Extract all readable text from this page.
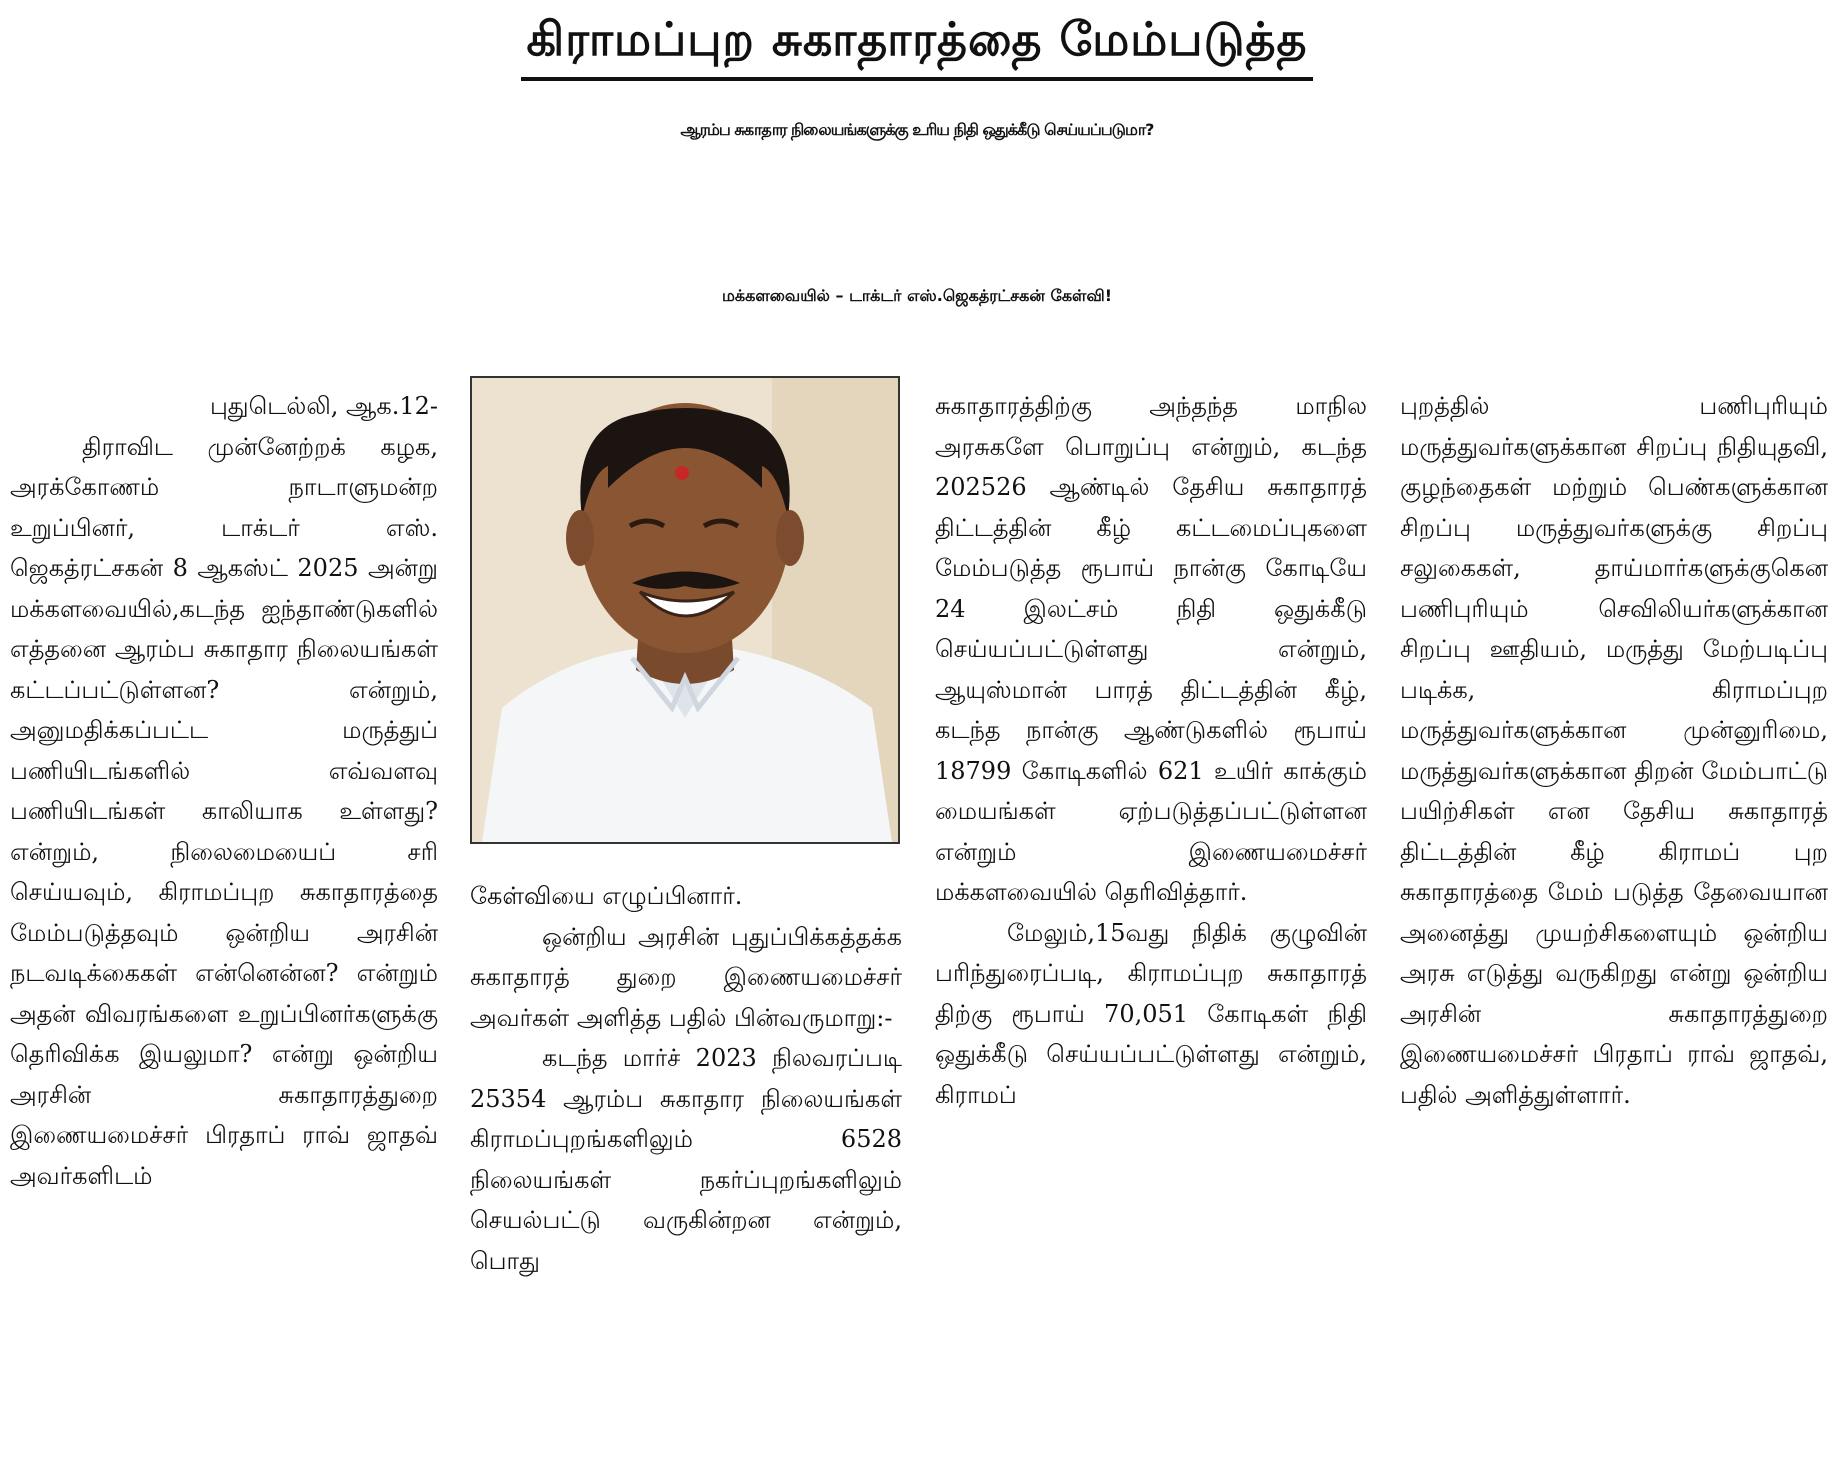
கிராமப்புற சுகாதாரத்தை மேம்படுத்த
ஆரம்ப சுகாதார நிலையங்களுக்கு உரிய நிதி ஒதுக்கீடு செய்யப்படுமா?
மக்களவையில் – டாக்டர் எஸ்.ஜெகத்ரட்சகன் கேள்வி!

புதுடெல்லி, ஆக.12-

திராவிட முன்னேற்றக் கழக, அரக்கோணம் நாடாளுமன்ற உறுப்பினர், டாக்டர் எஸ். ஜெகத்ரட்சகன் 8 ஆகஸ்ட் 2025 அன்று மக்களவையில்,கடந்த ஐந்தாண்டுகளில் எத்தனை ஆரம்ப சுகாதார நிலையங்கள் கட்டப்பட்டுள்ளன? என்றும், அனுமதிக்கப்பட்ட மருத்துப் பணியிடங்களில் எவ்வளவு பணியிடங்கள் காலியாக உள்ளது? என்றும், நிலைமையைப் சரி செய்யவும், கிராமப்புற சுகாதாரத்தை மேம்படுத்தவும் ஒன்றிய அரசின் நடவடிக்கைகள் என்னென்ன? என்றும் அதன் விவரங்களை உறுப்பினர்களுக்கு தெரிவிக்க இயலுமா? என்று ஒன்றிய அரசின் சுகாதாரத்துறை இணையமைச்சர் பிரதாப் ராவ் ஜாதவ் அவர்களிடம்

கேள்வியை எழுப்பினார்.

ஒன்றிய அரசின் புதுப்பிக்கத்தக்க சுகாதாரத் துறை இணையமைச்சர் அவர்கள் அளித்த பதில் பின்வருமாறு:-

கடந்த மார்ச் 2023 நிலவரப்படி 25354 ஆரம்ப சுகாதார நிலையங்கள் கிராமப்புறங்களிலும் 6528 நிலையங்கள் நகர்ப்புறங்களிலும் செயல்பட்டு வருகின்றன என்றும், பொது

சுகாதாரத்திற்கு அந்தந்த மாநில அரசுகளே பொறுப்பு என்றும், கடந்த 202526 ஆண்டில் தேசிய சுகாதாரத் திட்டத்தின் கீழ் கட்டமைப்புகளை மேம்படுத்த ரூபாய் நான்கு கோடியே 24 இலட்சம் நிதி ஒதுக்கீடு செய்யப்பட்டுள்ளது என்றும், ஆயுஸ்மான் பாரத் திட்டத்தின் கீழ், கடந்த நான்கு ஆண்டுகளில் ரூபாய் 18799 கோடிகளில் 621 உயிர் காக்கும் மையங்கள் ஏற்படுத்தப்பட்டுள்ளன என்றும் இணையமைச்சர் மக்களவையில் தெரிவித்தார்.

மேலும்,15வது நிதிக் குழுவின் பரிந்துரைப்படி, கிராமப்புற சுகாதாரத் திற்கு ரூபாய் 70,051 கோடிகள் நிதி ஒதுக்கீடு செய்யப்பட்டுள்ளது என்றும், கிராமப்

புறத்தில் பணிபுரியும் மருத்துவர்களுக்கான சிறப்பு நிதியுதவி, குழந்தைகள் மற்றும் பெண்களுக்கான சிறப்பு மருத்துவர்களுக்கு சிறப்பு சலுகைகள், தாய்மார்களுக்குகென பணிபுரியும் செவிலியர்களுக்கான சிறப்பு ஊதியம், மருத்து மேற்படிப்பு படிக்க, கிராமப்புற மருத்துவர்களுக்கான முன்னுரிமை, மருத்துவர்களுக்கான திறன் மேம்பாட்டு பயிற்சிகள் என தேசிய சுகாதாரத் திட்டத்தின் கீழ் கிராமப் புற சுகாதாரத்தை மேம் படுத்த தேவையான அனைத்து முயற்சிகளையும் ஒன்றிய அரசு எடுத்து வருகிறது என்று ஒன்றிய அரசின் சுகாதாரத்துறை இணையமைச்சர் பிரதாப் ராவ் ஜாதவ், பதில் அளித்துள்ளார்.
